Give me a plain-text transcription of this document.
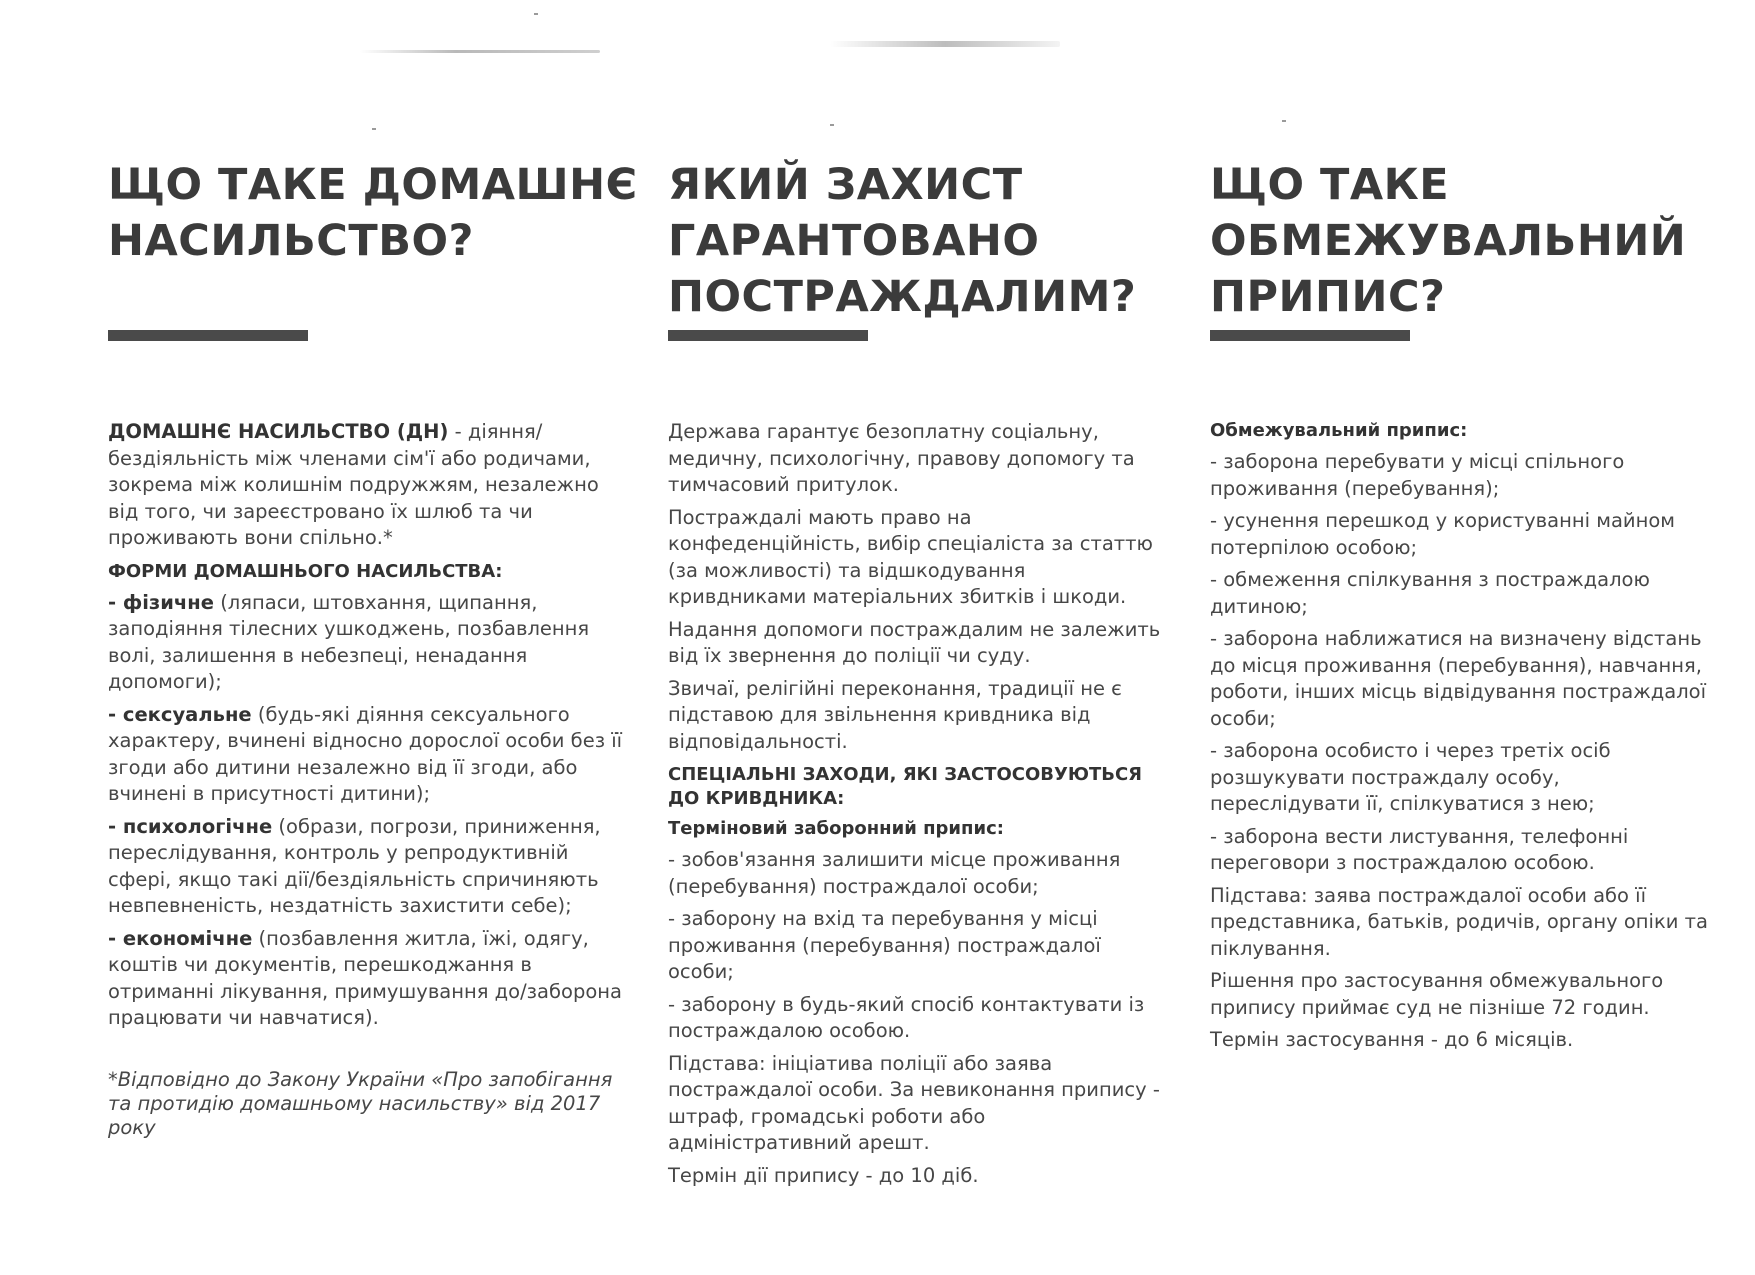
ЩО ТАКЕ ДОМАШНЄ
НАСИЛЬСТВО?

ДОМАШНЄ НАСИЛЬСТВО (ДН) - діяння/бездіяльність між членами сім'ї або родичами, зокрема між колишнім подружжям, незалежно від того, чи зареєстровано їх шлюб та чи проживають вони спільно.*

ФОРМИ ДОМАШНЬОГО НАСИЛЬСТВА:

- фізичне (ляпаси, штовхання, щипання, заподіяння тілесних ушкоджень, позбавлення волі, залишення в небезпеці, ненадання допомоги);

- сексуальне (будь-які діяння сексуального характеру, вчинені відносно дорослої особи без її згоди або дитини незалежно від її згоди, або вчинені в присутності дитини);

- психологічне (образи, погрози, приниження, переслідування, контроль у репродуктивній сфері, якщо такі дії/бездіяльність спричиняють невпевненість, нездатність захистити себе);

- економічне (позбавлення житла, їжі, одягу, коштів чи документів, перешкоджання в отриманні лікування, примушування до/заборона працювати чи навчатися).

*Відповідно до Закону України «Про запобігання та протидію домашньому насильству» від 2017 року

ЯКИЙ ЗАХИСТ
ГАРАНТОВАНО
ПОСТРАЖДАЛИМ?

Держава гарантує безоплатну соціальну, медичну, психологічну, правову допомогу та тимчасовий притулок.

Постраждалі мають право на конфеденційність, вибір спеціаліста за статтю (за можливості) та відшкодування кривдниками матеріальних збитків і шкоди.

Надання допомоги постраждалим не залежить від їх звернення до поліції чи суду.

Звичаї, релігійні переконання, традиції не є підставою для звільнення кривдника від відповідальності.

СПЕЦІАЛЬНІ ЗАХОДИ, ЯКІ ЗАСТОСОВУЮТЬСЯ ДО КРИВДНИКА:
Терміновий заборонний припис:

- зобов'язання залишити місце проживання (перебування) постраждалої особи;

- заборону на вхід та перебування у місці проживання (перебування) постраждалої особи;

- заборону в будь-який спосіб контактувати із постраждалою особою.

Підстава: ініціатива поліції або заява постраждалої особи. За невиконання припису - штраф, громадські роботи або адміністративний арешт.

Термін дії припису - до 10 діб.

ЩО ТАКЕ
ОБМЕЖУВАЛЬНИЙ
ПРИПИС?
Обмежувальний припис:

- заборона перебувати у місці спільного проживання (перебування);

- усунення перешкод у користуванні майном потерпілою особою;

- обмеження спілкування з постраждалою дитиною;

- заборона наближатися на визначену відстань до місця проживання (перебування), навчання, роботи, інших місць відвідування постраждалої особи;

- заборона особисто і через третіх осіб розшукувати постраждалу особу, переслідувати її, спілкуватися з нею;

- заборона вести листування, телефонні переговори з постраждалою особою.

Підстава: заява постраждалої особи або її представника, батьків, родичів, органу опіки та піклування.

Рішення про застосування обмежувального припису приймає суд не пізніше 72 годин.

Термін застосування - до 6 місяців.
